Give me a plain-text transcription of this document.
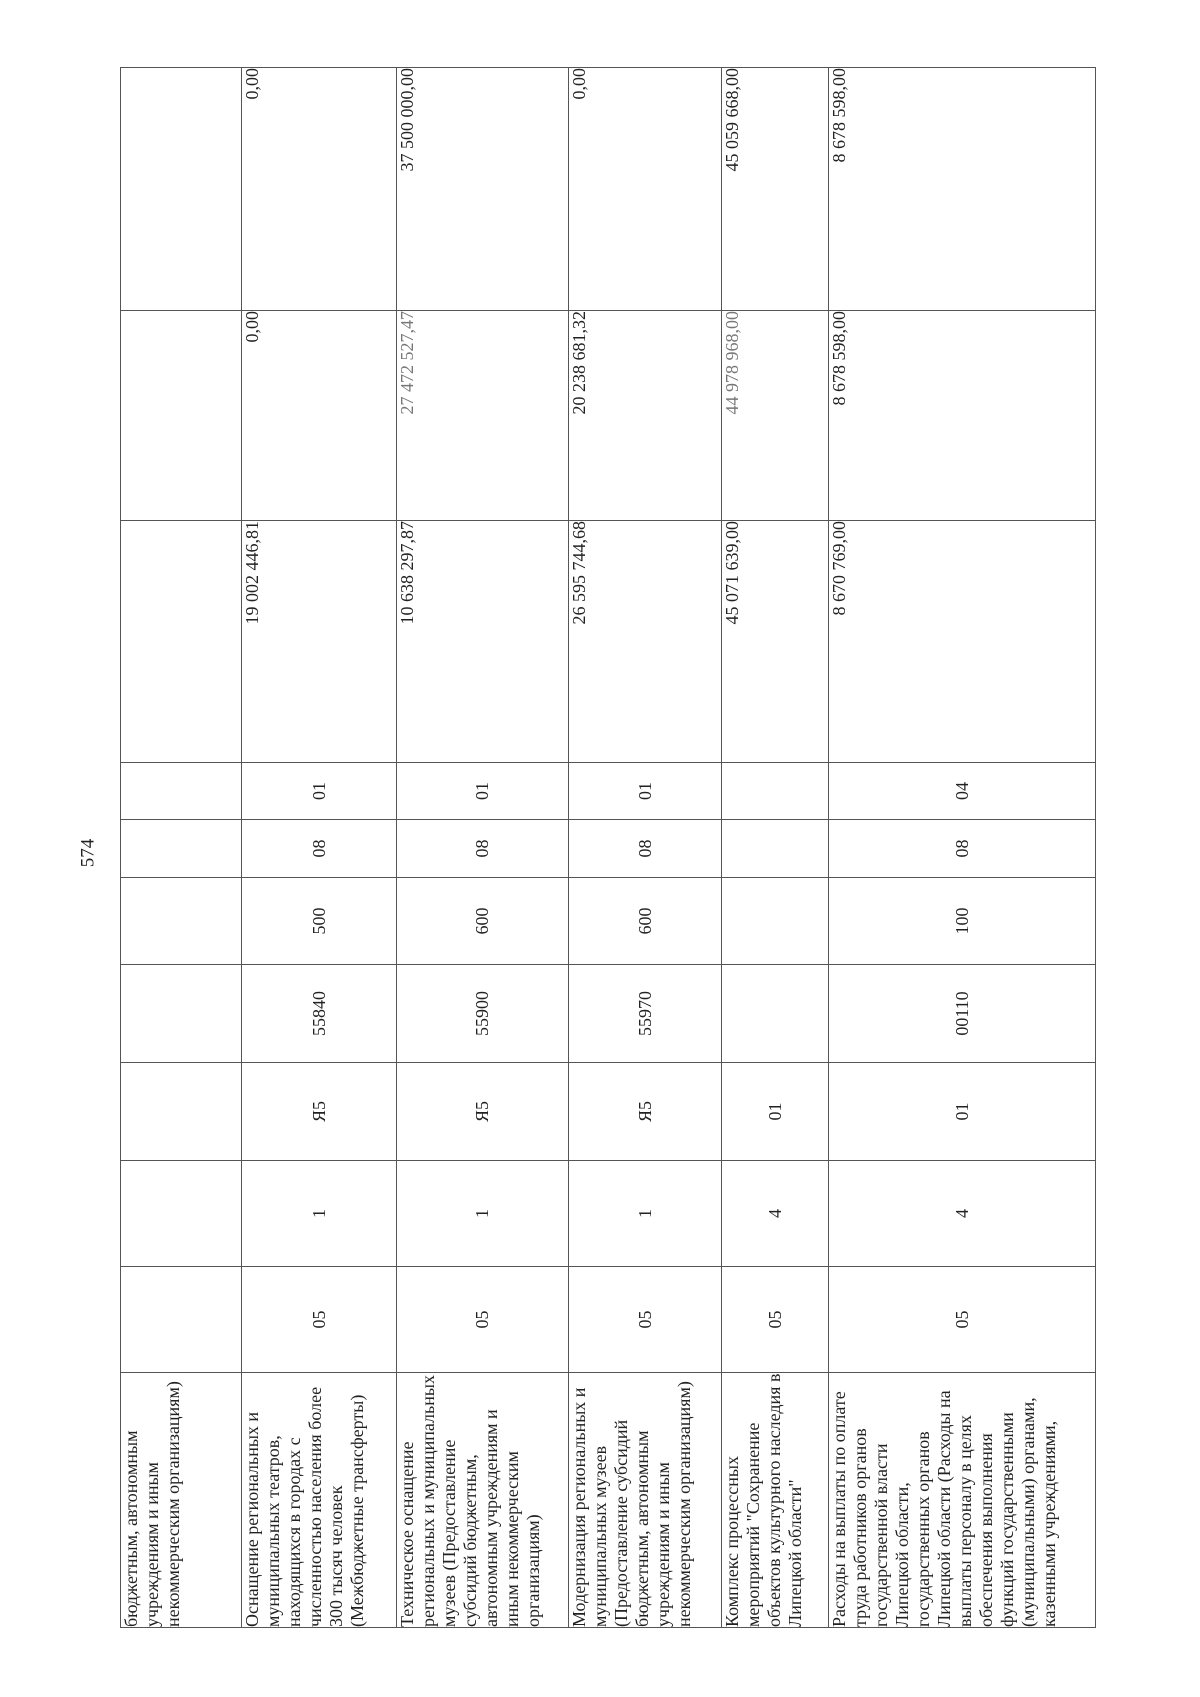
574
бюджетным, автономным учреждениям и иным некоммерческим организациям)										
Оснащение региональных и муниципальных театров, находящихся в городах с численностью населения более 300 тысяч человек (Межбюджетные трансферты)	05	1	Я5	55840	500	08	01	19 002 446,81	0,00	0,00
Техническое оснащение региональных и муниципальных музеев (Предоставление субсидий бюджетным, автономным учреждениям и иным некоммерческим организациям)	05	1	Я5	55900	600	08	01	10 638 297,87	27 472 527,47	37 500 000,00
Модернизация региональных и муниципальных музеев (Предоставление субсидий бюджетным, автономным учреждениям и иным некоммерческим организациям)	05	1	Я5	55970	600	08	01	26 595 744,68	20 238 681,32	0,00
Комплекс процессных мероприятий "Сохранение объектов культурного наследия в Липецкой области"	05	4	01					45 071 639,00	44 978 968,00	45 059 668,00
Расходы на выплаты по оплате труда работников органов государственной власти Липецкой области, государственных органов Липецкой области (Расходы на выплаты персоналу в целях обеспечения выполнения функций государственными (муниципальными) органами, казенными учреждениями,	05	4	01	00110	100	08	04	8 670 769,00	8 678 598,00	8 678 598,00
